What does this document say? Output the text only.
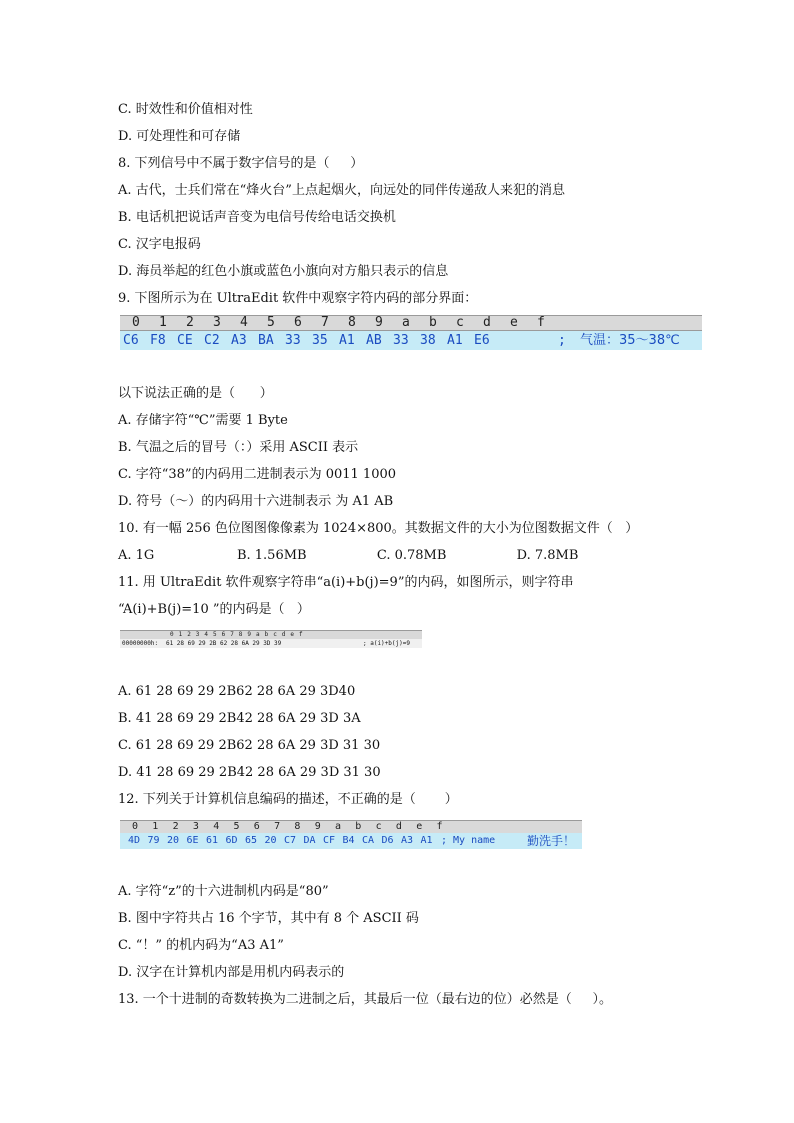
C. 时效性和价值相对性
D. 可处理性和可存储
8. 下列信号中不属于数字信号的是（     ）
A. 古代，士兵们常在“烽火台”上点起烟火，向远处的同伴传递敌人来犯的消息
B. 电话机把说话声音变为电信号传给电话交换机
C. 汉字电报码
D. 海员举起的红色小旗或蓝色小旗向对方船只表示的信息
9. 下图所示为在 UltraEdit 软件中观察字符内码的部分界面：
0 1 2 3 4 5 6 7 8 9 a b c d e f
C6 F8 CE C2 A3 BA 33 35 A1 AB 33 38 A1 E6	; 气温：35～38℃
以下说法正确的是（      ）
A. 存储字符“℃”需要 1 Byte
B. 气温之后的冒号（：）采用 ASCII 表示
C. 字符“38”的内码用二进制表示为 0011 1000
D. 符号（～）的内码用十六进制表示 为 A1 AB
10. 有一幅 256 色位图图像像素为 1024×800。其数据文件的大小为位图数据文件（   ）
A. 1G                    B. 1.56MB                 C. 0.78MB                 D. 7.8MB
11. 用 UltraEdit 软件观察字符串“a(i)+b(j)=9”的内码，如图所示，则字符串
“A(i)+B(j)=10 ”的内码是（   ）
0 1 2 3 4 5 6 7 8 9 a b c d e f
00000000h: 61 28 69 29 2B 62 28 6A 29 3D 39	; a(i)+b(j)=9
A. 61 28 69 29 2B62 28 6A 29 3D40
B. 41 28 69 29 2B42 28 6A 29 3D 3A
C. 61 28 69 29 2B62 28 6A 29 3D 31 30
D. 41 28 69 29 2B42 28 6A 29 3D 31 30
12. 下列关于计算机信息编码的描述，不正确的是（       ）
0 1 2 3 4 5 6 7 8 9 a b c d e f
4D 79 20 6E 61 6D 65 20 C7 DA CF B4 CA D6 A3 A1 ; My name 勤洗手！
A. 字符“z”的十六进制机内码是“80”
B. 图中字符共占 16 个字节，其中有 8 个 ASCII 码
C. “！” 的机内码为“A3 A1”
D. 汉字在计算机内部是用机内码表示的
13. 一个十进制的奇数转换为二进制之后，其最后一位（最右边的位）必然是（     ）。
